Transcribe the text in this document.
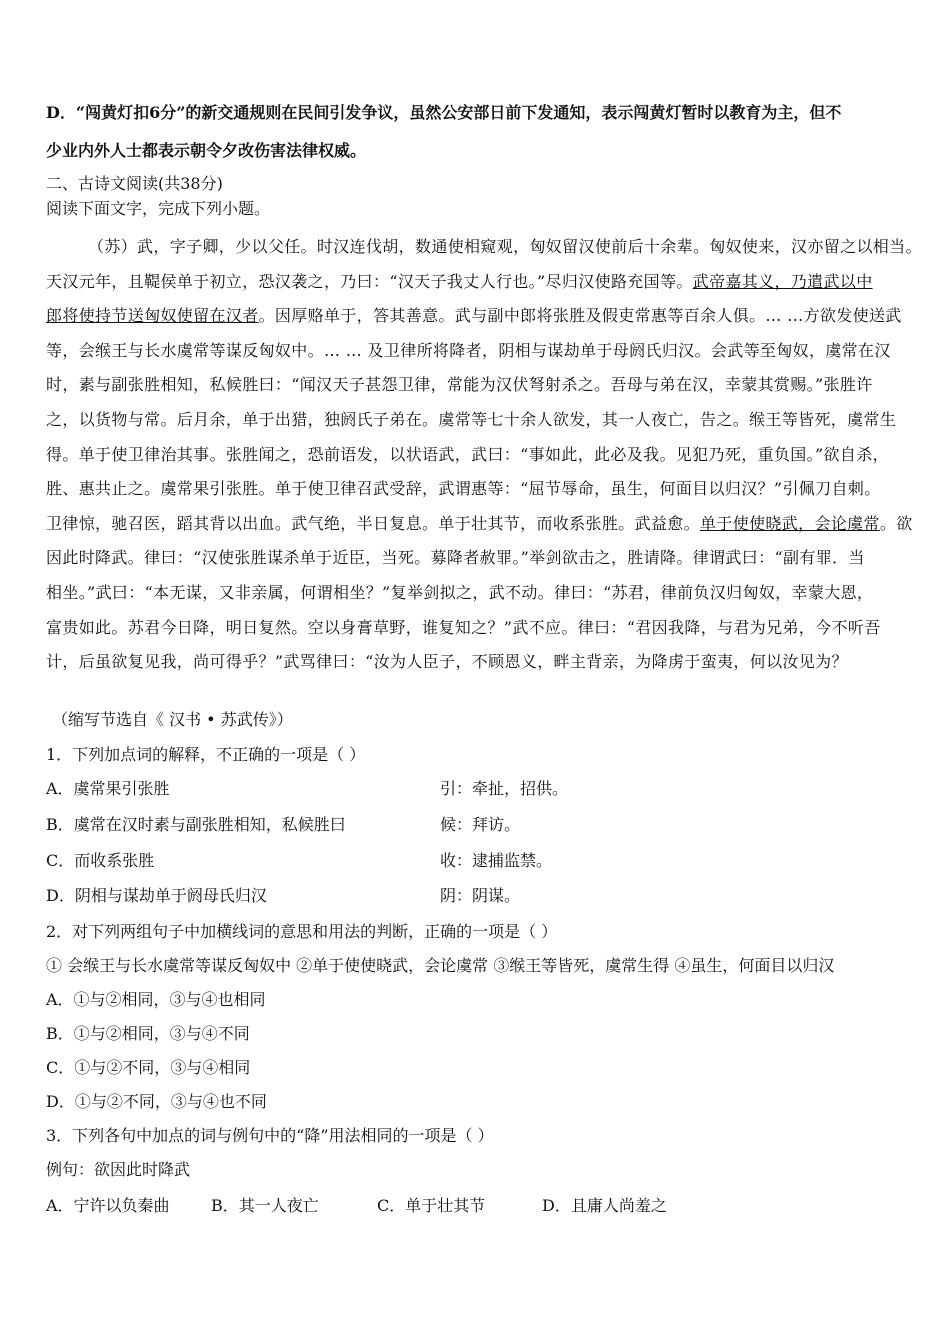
D．“闯黄灯扣6分”的新交通规则在民间引发争议，虽然公安部日前下发通知，表示闯黄灯暂时以教育为主，但不
少业内外人士都表示朝令夕改伤害法律权威。
二、古诗文阅读(共38分)
阅读下面文字，完成下列小题。
（苏）武，字子卿，少以父任。时汉连伐胡，数通使相窥观，匈奴留汉使前后十余辈。匈奴使来，汉亦留之以相当。
天汉元年，且鞮侯单于初立，恐汉袭之，乃曰：“汉天子我丈人行也。”尽归汉使路充国等。武帝嘉其义，乃遣武以中
郎将使持节送匈奴使留在汉者。因厚赂单于，答其善意。武与副中郎将张胜及假吏常惠等百余人俱。… …方欲发使送武
等，会缑王与长水虞常等谋反匈奴中。… … 及卫律所将降者，阴相与谋劫单于母阏氏归汉。会武等至匈奴，虞常在汉
时，素与副张胜相知，私候胜曰：“闻汉天子甚怨卫律，常能为汉伏弩射杀之。吾母与弟在汉，幸蒙其赏赐。”张胜许
之，以货物与常。后月余，单于出猎，独阏氏子弟在。虞常等七十余人欲发，其一人夜亡，告之。缑王等皆死，虞常生
得。单于使卫律治其事。张胜闻之，恐前语发，以状语武，武曰：“事如此，此必及我。见犯乃死，重负国。”欲自杀，
胜、惠共止之。虞常果引张胜。单于使卫律召武受辞，武谓惠等：“屈节辱命，虽生，何面目以归汉？”引佩刀自刺。
卫律惊，驰召医，蹈其背以出血。武气绝，半日复息。单于壮其节，而收系张胜。武益愈。单于使使晓武，会论虞常。欲
因此时降武。律曰：“汉使张胜谋杀单于近臣，当死。募降者赦罪。”举剑欲击之，胜请降。律谓武曰：“副有罪．当
相坐。”武曰：“本无谋，又非亲属，何谓相坐？”复举剑拟之，武不动。律曰：“苏君，律前负汉归匈奴，幸蒙大恩，
富贵如此。苏君今日降，明日复然。空以身膏草野，谁复知之？”武不应。律曰：“君因我降，与君为兄弟，今不听吾
计，后虽欲复见我，尚可得乎？”武骂律曰：“汝为人臣子，不顾恩义，畔主背亲，为降虏于蛮夷，何以汝见为？
（缩写节选自《 汉书 • 苏武传》）
1．下列加点词的解释，不正确的一项是（ ）
A．虞常果引张胜	引：牵扯，招供。
B．虞常在汉时素与副张胜相知，私候胜曰	候：拜访。
C．而收系张胜	收：逮捕监禁。
D．阴相与谋劫单于阏母氏归汉	阴：阴谋。
2．对下列两组句子中加横线词的意思和用法的判断，正确的一项是（ ）
① 会缑王与长水虞常等谋反匈奴中 ②单于使使晓武，会论虞常 ③缑王等皆死，虞常生得 ④虽生，何面目以归汉
A．①与②相同，③与④也相同
B．①与②相同，③与④不同
C．①与②不同，③与④相同
D．①与②不同，③与④也不同
3．下列各句中加点的词与例句中的“降”用法相同的一项是（ ）
例句：欲因此时降武
A．宁许以负秦曲	B．其一人夜亡	C．单于壮其节	D．且庸人尚羞之
